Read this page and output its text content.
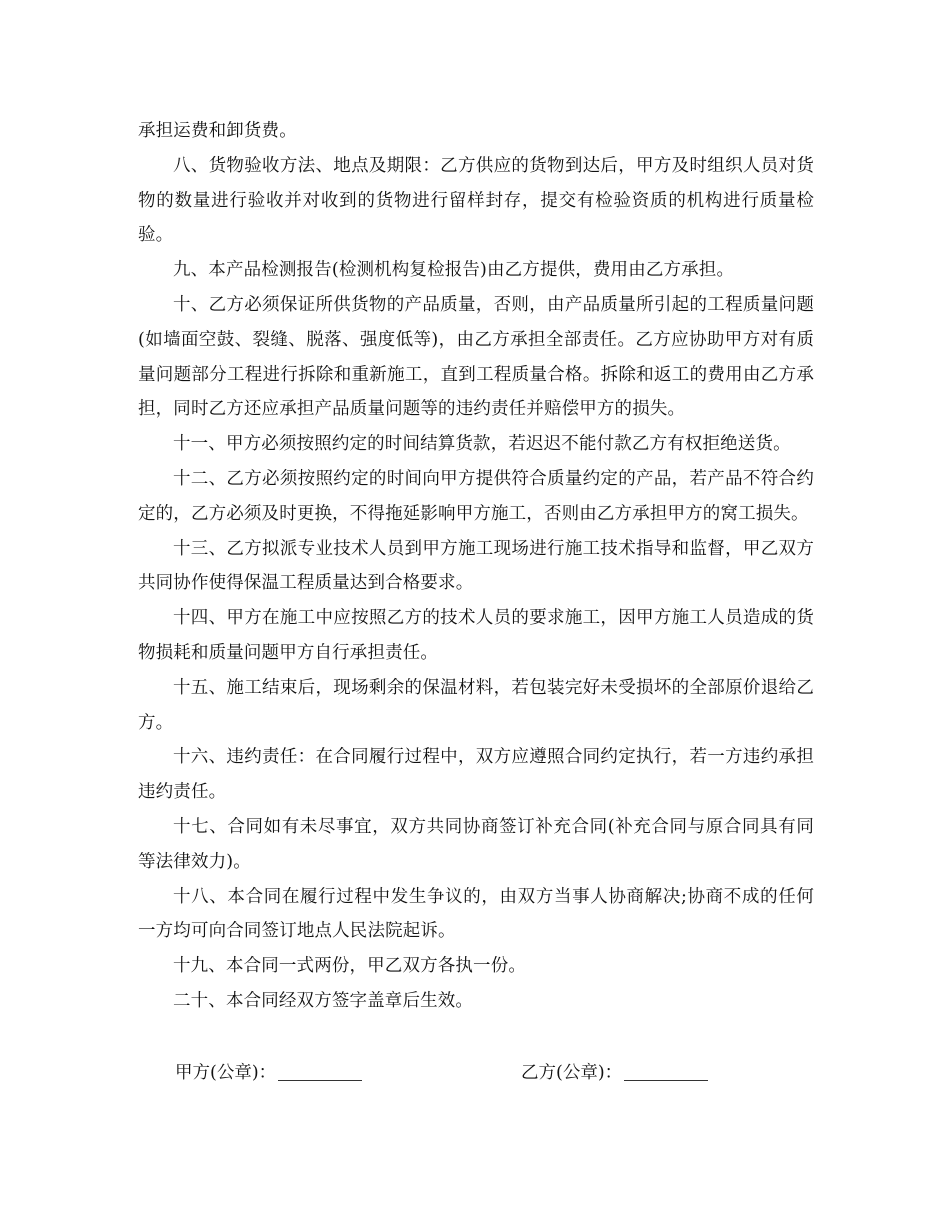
承担运费和卸货费。

八、货物验收方法、地点及期限：乙方供应的货物到达后，甲方及时组织人员对货物的数量进行验收并对收到的货物进行留样封存，提交有检验资质的机构进行质量检验。

九、本产品检测报告(检测机构复检报告)由乙方提供，费用由乙方承担。

十、乙方必须保证所供货物的产品质量，否则，由产品质量所引起的工程质量问题(如墙面空鼓、裂缝、脱落、强度低等)，由乙方承担全部责任。乙方应协助甲方对有质量问题部分工程进行拆除和重新施工，直到工程质量合格。拆除和返工的费用由乙方承担，同时乙方还应承担产品质量问题等的违约责任并赔偿甲方的损失。

十一、甲方必须按照约定的时间结算货款，若迟迟不能付款乙方有权拒绝送货。

十二、乙方必须按照约定的时间向甲方提供符合质量约定的产品，若产品不符合约定的，乙方必须及时更换，不得拖延影响甲方施工，否则由乙方承担甲方的窝工损失。

十三、乙方拟派专业技术人员到甲方施工现场进行施工技术指导和监督，甲乙双方共同协作使得保温工程质量达到合格要求。

十四、甲方在施工中应按照乙方的技术人员的要求施工，因甲方施工人员造成的货物损耗和质量问题甲方自行承担责任。

十五、施工结束后，现场剩余的保温材料，若包装完好未受损坏的全部原价退给乙方。

十六、违约责任：在合同履行过程中，双方应遵照合同约定执行，若一方违约承担违约责任。

十七、合同如有未尽事宜，双方共同协商签订补充合同(补充合同与原合同具有同等法律效力)。

十八、本合同在履行过程中发生争议的，由双方当事人协商解决;协商不成的任何一方均可向合同签订地点人民法院起诉。

十九、本合同一式两份，甲乙双方各执一份。

二十、本合同经双方签字盖章后生效。

甲方(公章)：	乙方(公章)：
